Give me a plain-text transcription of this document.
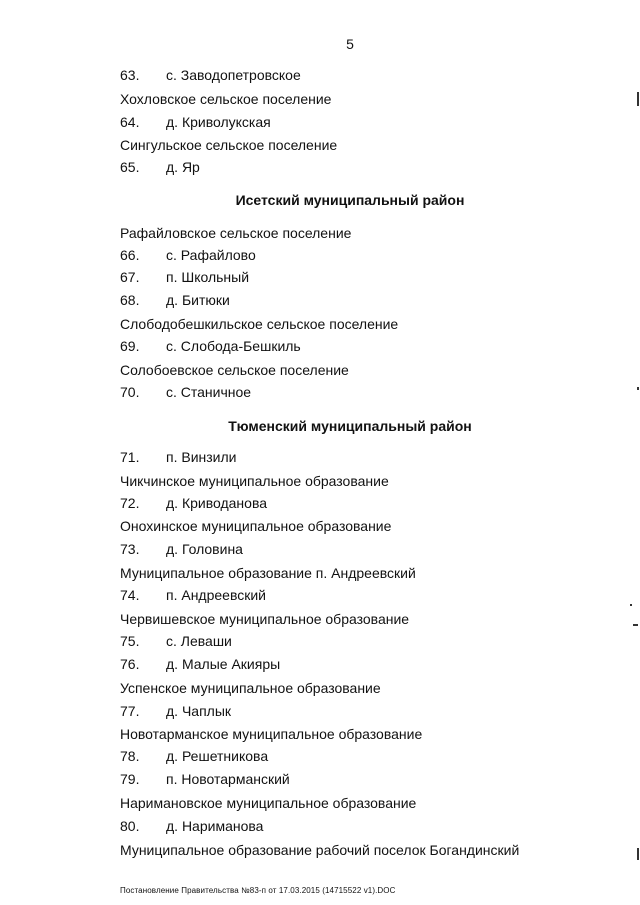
5
63. с. Заводопетровское
Хохловское сельское поселение
64. д. Криволукская
Сингульское сельское поселение
65. д. Яр
Исетский муниципальный район
Рафайловское сельское поселение
66. с. Рафайлово
67. п. Школьный
68. д. Битюки
Слободобешкильское сельское поселение
69. с. Слобода-Бешкиль
Солобоевское сельское поселение
70. с. Станичное
Тюменский муниципальный район
71. п. Винзили
Чикчинское муниципальное образование
72. д. Криводанова
Онохинское муниципальное образование
73. д. Головина
Муниципальное образование п. Андреевский
74. п. Андреевский
Червишевское муниципальное образование
75. с. Леваши
76. д. Малые Акияры
Успенское муниципальное образование
77. д. Чаплык
Новотарманское муниципальное образование
78. д. Решетникова
79. п. Новотарманский
Наримановское муниципальное образование
80. д. Нариманова
Муниципальное образование рабочий поселок Богандинский
Постановление Правительства №83-п от 17.03.2015 (14715522 v1).DOC
